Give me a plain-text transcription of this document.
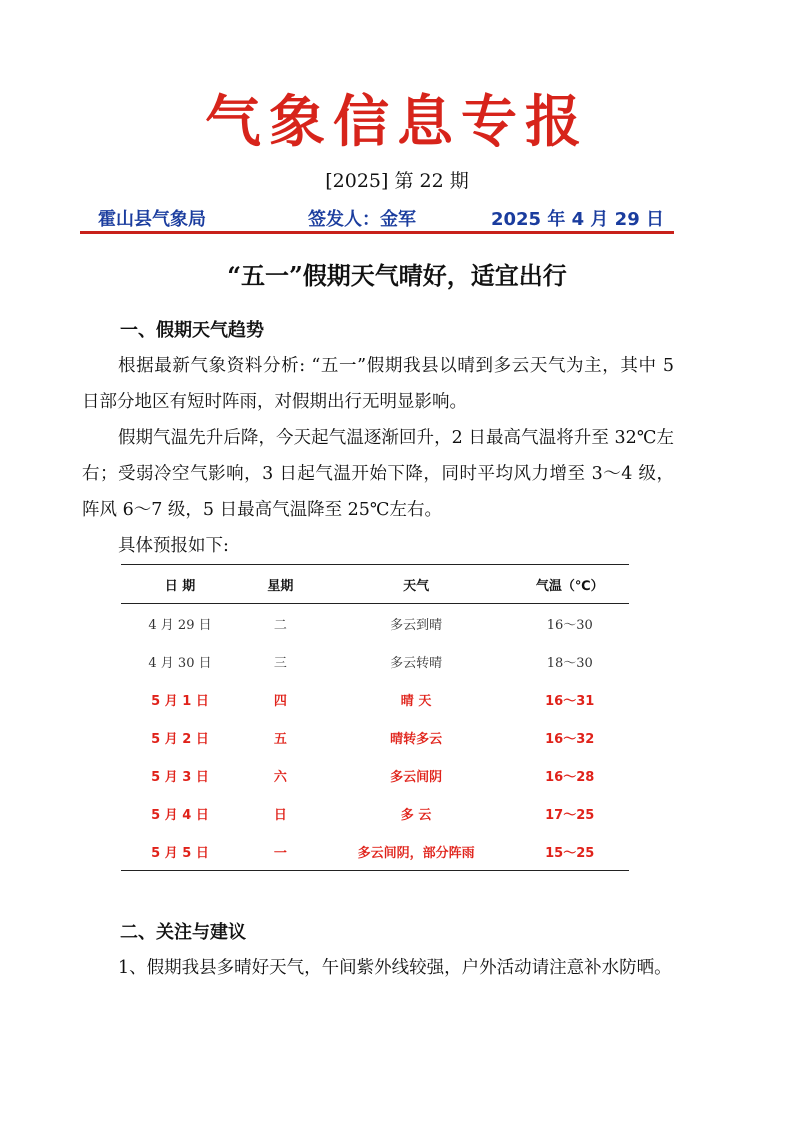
气象信息专报
[2025] 第 22 期
霍山县气象局	签发人：金军	2025 年 4 月 29 日
“五一”假期天气晴好，适宜出行
一、假期天气趋势
根据最新气象资料分析: “五一”假期我县以晴到多云天气为主，其中 5 日部分地区有短时阵雨，对假期出行无明显影响。
假期气温先升后降，今天起气温逐渐回升，2 日最高气温将升至 32℃左右；受弱冷空气影响，3 日起气温开始下降，同时平均风力增至 3～4 级，阵风 6～7 级，5 日最高气温降至 25℃左右。
具体预报如下:
日 期	星期	天气	气温（℃）
4 月 29 日	二	多云到晴	16～30
4 月 30 日	三	多云转晴	18～30
5 月 1 日	四	晴 天	16～31
5 月 2 日	五	晴转多云	16～32
5 月 3 日	六	多云间阴	16～28
5 月 4 日	日	多 云	17～25
5 月 5 日	一	多云间阴，部分阵雨	15～25
二、关注与建议
1、假期我县多晴好天气，午间紫外线较强，户外活动请注意补水防晒。
